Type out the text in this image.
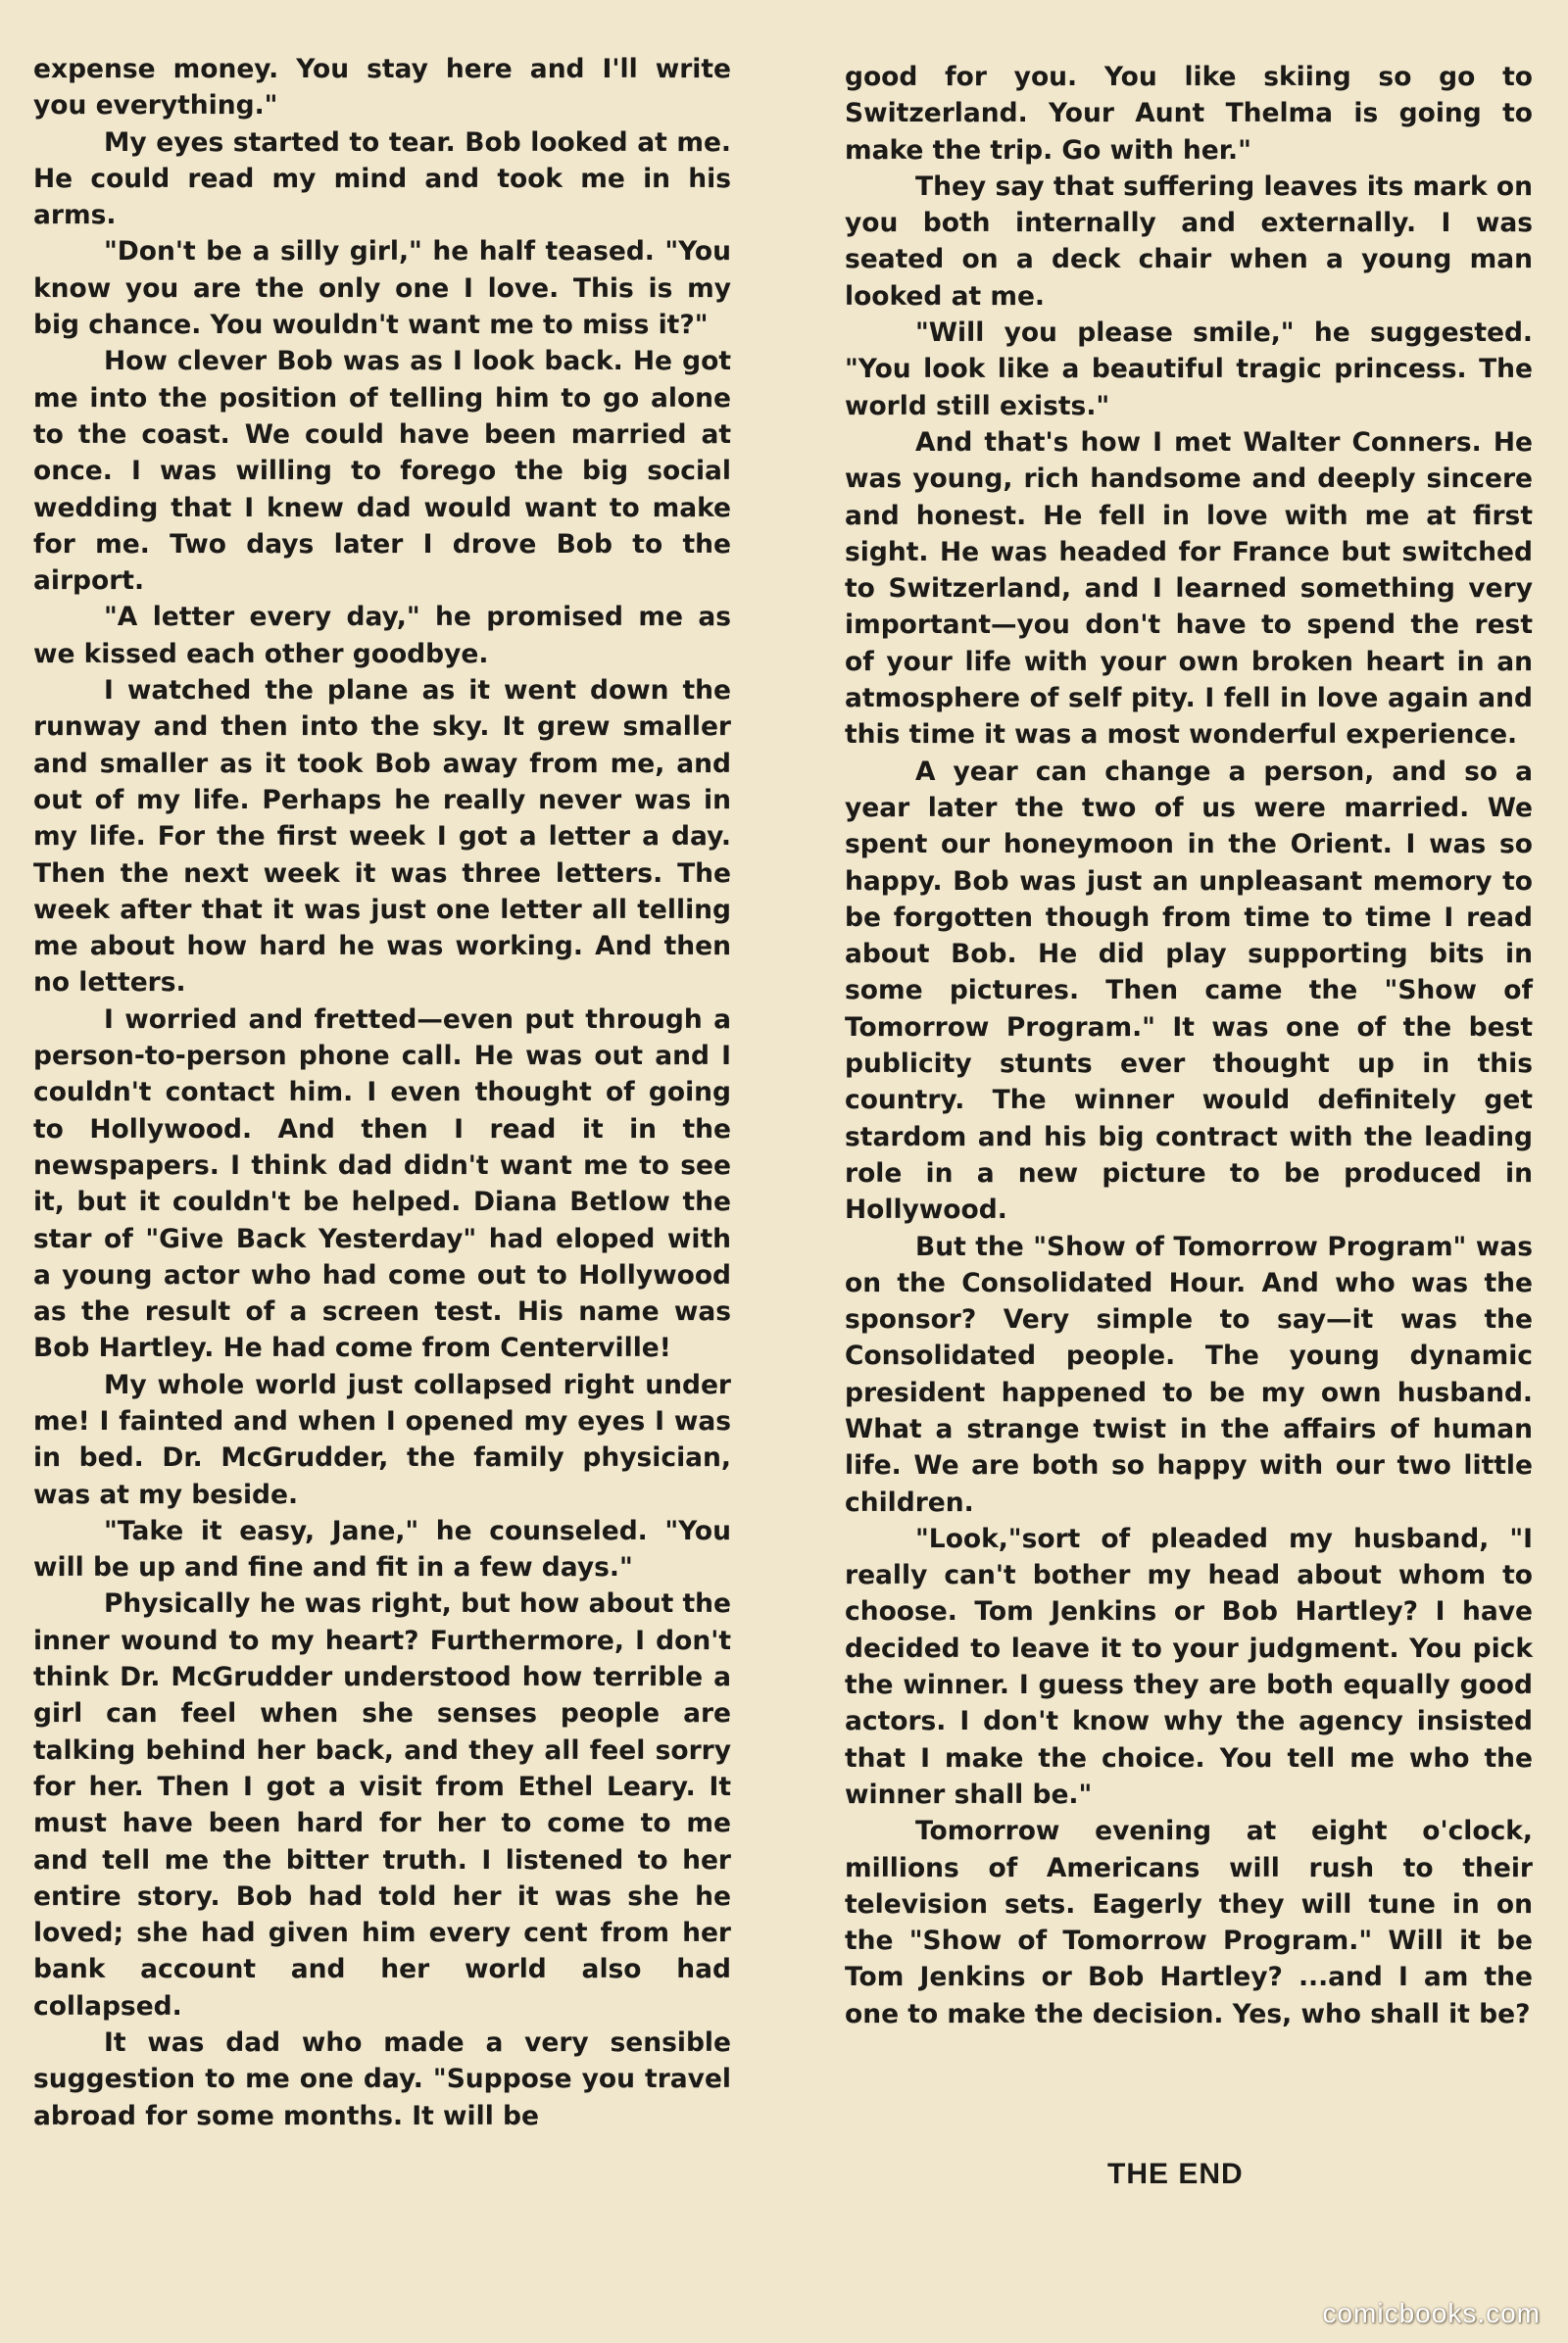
expense money. You stay here and I'll write you everything."

My eyes started to tear. Bob looked at me. He could read my mind and took me in his arms.

"Don't be a silly girl," he half teased. "You know you are the only one I love. This is my big chance. You wouldn't want me to miss it?"

How clever Bob was as I look back. He got me into the position of telling him to go alone to the coast. We could have been married at once. I was willing to forego the big social wedding that I knew dad would want to make for me. Two days later I drove Bob to the airport.

"A letter every day," he promised me as we kissed each other goodbye.

I watched the plane as it went down the runway and then into the sky. It grew smaller and smaller as it took Bob away from me, and out of my life. Perhaps he really never was in my life. For the first week I got a letter a day. Then the next week it was three letters. The week after that it was just one letter all telling me about how hard he was working. And then no letters.

I worried and fretted—even put through a person-to-person phone call. He was out and I couldn't contact him. I even thought of going to Hollywood. And then I read it in the newspapers. I think dad didn't want me to see it, but it couldn't be helped. Diana Betlow the star of "Give Back Yesterday" had eloped with a young actor who had come out to Hollywood as the result of a screen test. His name was Bob Hartley. He had come from Centerville!

My whole world just collapsed right under me! I fainted and when I opened my eyes I was in bed. Dr. McGrudder, the family physician, was at my beside.

"Take it easy, Jane," he counseled. "You will be up and fine and fit in a few days."

Physically he was right, but how about the inner wound to my heart? Furthermore, I don't think Dr. McGrudder understood how terrible a girl can feel when she senses people are talking behind her back, and they all feel sorry for her. Then I got a visit from Ethel Leary. It must have been hard for her to come to me and tell me the bitter truth. I listened to her entire story. Bob had told her it was she he loved; she had given him every cent from her bank account and her world also had collapsed.

It was dad who made a very sensible suggestion to me one day. "Suppose you travel abroad for some months. It will be

good for you. You like skiing so go to Switzerland. Your Aunt Thelma is going to make the trip. Go with her."

They say that suffering leaves its mark on you both internally and externally. I was seated on a deck chair when a young man looked at me.

"Will you please smile," he suggested. "You look like a beautiful tragic princess. The world still exists."

And that's how I met Walter Conners. He was young, rich handsome and deeply sincere and honest. He fell in love with me at first sight. He was headed for France but switched to Switzerland, and I learned something very important—you don't have to spend the rest of your life with your own broken heart in an atmosphere of self pity. I fell in love again and this time it was a most wonderful experience.

A year can change a person, and so a year later the two of us were married. We spent our honeymoon in the Orient. I was so happy. Bob was just an unpleasant memory to be forgotten though from time to time I read about Bob. He did play supporting bits in some pictures. Then came the "Show of Tomorrow Program." It was one of the best publicity stunts ever thought up in this country. The winner would definitely get stardom and his big contract with the leading role in a new picture to be produced in Hollywood.

But the "Show of Tomorrow Program" was on the Consolidated Hour. And who was the sponsor? Very simple to say—it was the Consolidated people. The young dynamic president happened to be my own husband. What a strange twist in the affairs of human life. We are both so happy with our two little children.

"Look,"sort of pleaded my husband, "I really can't bother my head about whom to choose. Tom Jenkins or Bob Hartley? I have decided to leave it to your judgment. You pick the winner. I guess they are both equally good actors. I don't know why the agency insisted that I make the choice. You tell me who the winner shall be."

Tomorrow evening at eight o'clock, millions of Americans will rush to their television sets. Eagerly they will tune in on the "Show of Tomorrow Program." Will it be Tom Jenkins or Bob Hartley? ...and I am the one to make the decision. Yes, who shall it be?

THE END
comicbooks.com
